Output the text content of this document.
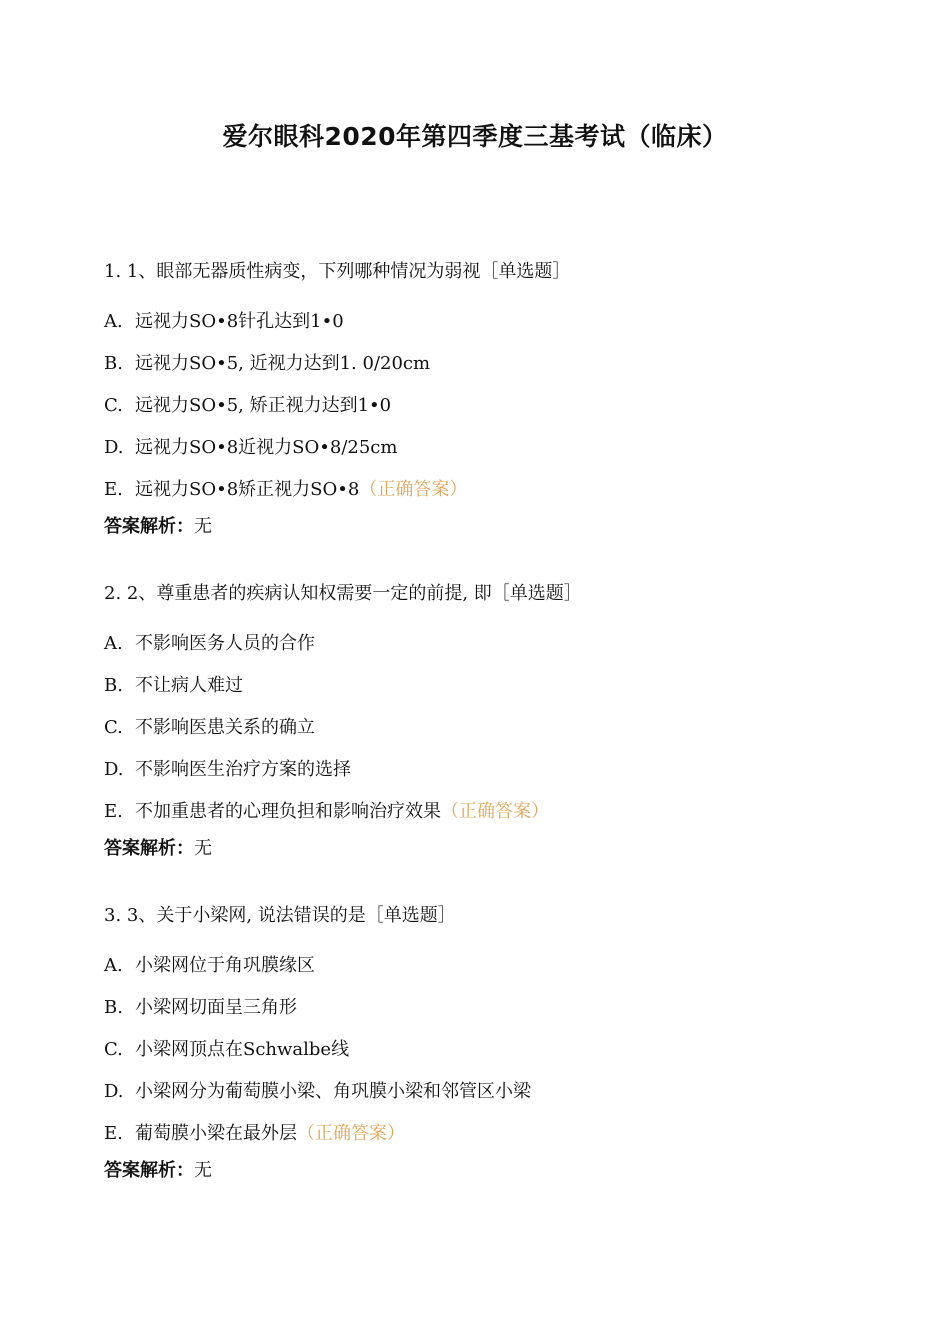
爱尔眼科2020年第四季度三基考试（临床）
1. 1、眼部无器质性病变，下列哪种情况为弱视［单选题］
A. 远视力SO•8针孔达到1•0
B. 远视力SO•5, 近视力达到1. 0/20cm
C. 远视力SO•5, 矫正视力达到1•0
D. 远视力SO•8近视力SO•8/25cm
E. 远视力SO•8矫正视力SO•8（正确答案）
答案解析：无
2. 2、尊重患者的疾病认知权需要一定的前提, 即［单选题］
A. 不影响医务人员的合作
B. 不让病人难过
C. 不影响医患关系的确立
D. 不影响医生治疗方案的选择
E. 不加重患者的心理负担和影响治疗效果（正确答案）
答案解析：无
3. 3、关于小梁网, 说法错误的是［单选题］
A. 小梁网位于角巩膜缘区
B. 小梁网切面呈三角形
C. 小梁网顶点在Schwalbe线
D. 小梁网分为葡萄膜小梁、角巩膜小梁和邻管区小梁
E. 葡萄膜小梁在最外层（正确答案）
答案解析：无
